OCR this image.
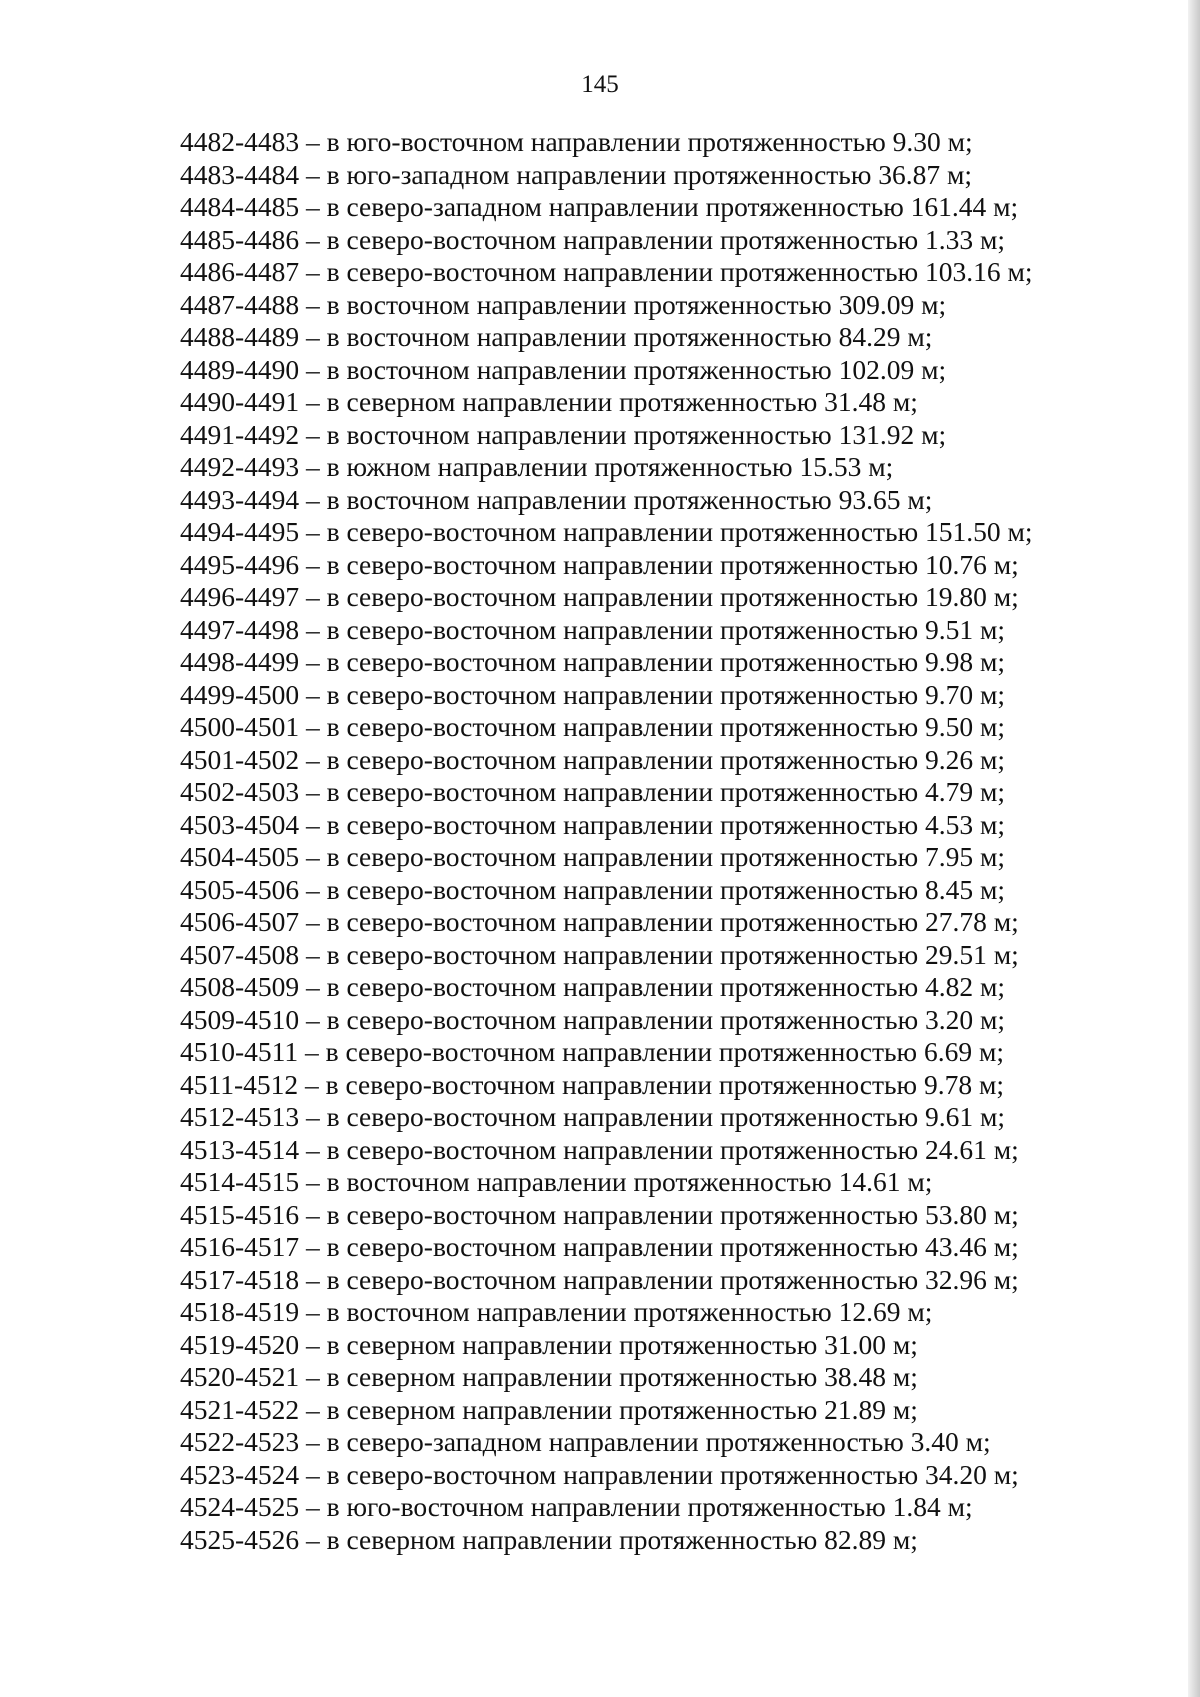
145
4482-4483 – в юго-восточном направлении протяженностью 9.30 м;
4483-4484 – в юго-западном направлении протяженностью 36.87 м;
4484-4485 – в северо-западном направлении протяженностью 161.44 м;
4485-4486 – в северо-восточном направлении протяженностью 1.33 м;
4486-4487 – в северо-восточном направлении протяженностью 103.16 м;
4487-4488 – в восточном направлении протяженностью 309.09 м;
4488-4489 – в восточном направлении протяженностью 84.29 м;
4489-4490 – в восточном направлении протяженностью 102.09 м;
4490-4491 – в северном направлении протяженностью 31.48 м;
4491-4492 – в восточном направлении протяженностью 131.92 м;
4492-4493 – в южном направлении протяженностью 15.53 м;
4493-4494 – в восточном направлении протяженностью 93.65 м;
4494-4495 – в северо-восточном направлении протяженностью 151.50 м;
4495-4496 – в северо-восточном направлении протяженностью 10.76 м;
4496-4497 – в северо-восточном направлении протяженностью 19.80 м;
4497-4498 – в северо-восточном направлении протяженностью 9.51 м;
4498-4499 – в северо-восточном направлении протяженностью 9.98 м;
4499-4500 – в северо-восточном направлении протяженностью 9.70 м;
4500-4501 – в северо-восточном направлении протяженностью 9.50 м;
4501-4502 – в северо-восточном направлении протяженностью 9.26 м;
4502-4503 – в северо-восточном направлении протяженностью 4.79 м;
4503-4504 – в северо-восточном направлении протяженностью 4.53 м;
4504-4505 – в северо-восточном направлении протяженностью 7.95 м;
4505-4506 – в северо-восточном направлении протяженностью 8.45 м;
4506-4507 – в северо-восточном направлении протяженностью 27.78 м;
4507-4508 – в северо-восточном направлении протяженностью 29.51 м;
4508-4509 – в северо-восточном направлении протяженностью 4.82 м;
4509-4510 – в северо-восточном направлении протяженностью 3.20 м;
4510-4511 – в северо-восточном направлении протяженностью 6.69 м;
4511-4512 – в северо-восточном направлении протяженностью 9.78 м;
4512-4513 – в северо-восточном направлении протяженностью 9.61 м;
4513-4514 – в северо-восточном направлении протяженностью 24.61 м;
4514-4515 – в восточном направлении протяженностью 14.61 м;
4515-4516 – в северо-восточном направлении протяженностью 53.80 м;
4516-4517 – в северо-восточном направлении протяженностью 43.46 м;
4517-4518 – в северо-восточном направлении протяженностью 32.96 м;
4518-4519 – в восточном направлении протяженностью 12.69 м;
4519-4520 – в северном направлении протяженностью 31.00 м;
4520-4521 – в северном направлении протяженностью 38.48 м;
4521-4522 – в северном направлении протяженностью 21.89 м;
4522-4523 – в северо-западном направлении протяженностью 3.40 м;
4523-4524 – в северо-восточном направлении протяженностью 34.20 м;
4524-4525 – в юго-восточном направлении протяженностью 1.84 м;
4525-4526 – в северном направлении протяженностью 82.89 м;
